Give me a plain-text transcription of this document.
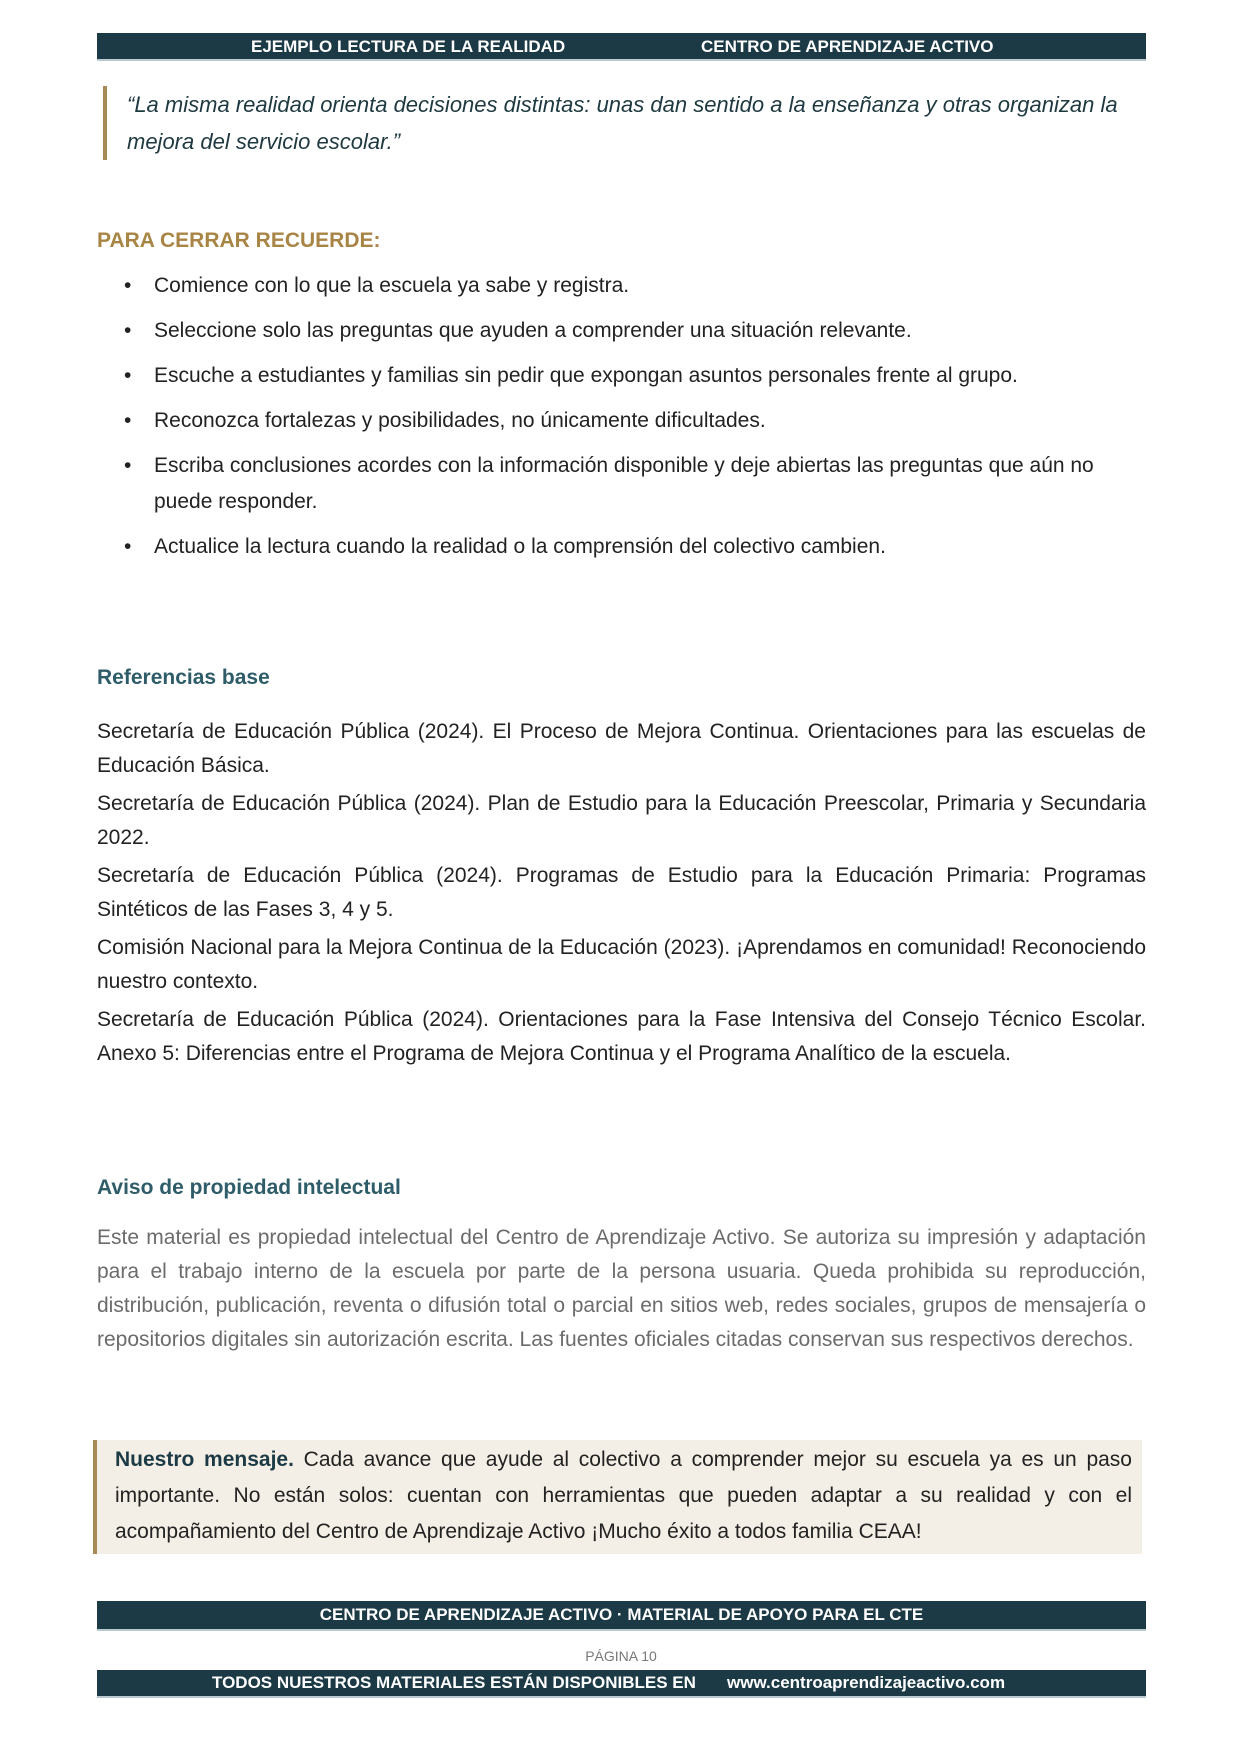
EJEMPLO LECTURA DE LA REALIDAD	CENTRO DE APRENDIZAJE ACTIVO
“La misma realidad orienta decisiones distintas: unas dan sentido a la enseñanza y otras organizan la mejora del servicio escolar.”
PARA CERRAR RECUERDE:
• Comience con lo que la escuela ya sabe y registra.
• Seleccione solo las preguntas que ayuden a comprender una situación relevante.
• Escuche a estudiantes y familias sin pedir que expongan asuntos personales frente al grupo.
• Reconozca fortalezas y posibilidades, no únicamente dificultades.
• Escriba conclusiones acordes con la información disponible y deje abiertas las preguntas que aún no puede responder.
• Actualice la lectura cuando la realidad o la comprensión del colectivo cambien.
Referencias base

Secretaría de Educación Pública (2024). El Proceso de Mejora Continua. Orientaciones para las escuelas de Educación Básica.

Secretaría de Educación Pública (2024). Plan de Estudio para la Educación Preescolar, Primaria y Secundaria 2022.

Secretaría de Educación Pública (2024). Programas de Estudio para la Educación Primaria: Programas Sintéticos de las Fases 3, 4 y 5.

Comisión Nacional para la Mejora Continua de la Educación (2023). ¡Aprendamos en comunidad! Reconociendo nuestro contexto.

Secretaría de Educación Pública (2024). Orientaciones para la Fase Intensiva del Consejo Técnico Escolar. Anexo 5: Diferencias entre el Programa de Mejora Continua y el Programa Analítico de la escuela.

Aviso de propiedad intelectual

Este material es propiedad intelectual del Centro de Aprendizaje Activo. Se autoriza su impresión y adaptación para el trabajo interno de la escuela por parte de la persona usuaria. Queda prohibida su reproducción, distribución, publicación, reventa o difusión total o parcial en sitios web, redes sociales, grupos de mensajería o repositorios digitales sin autorización escrita. Las fuentes oficiales citadas conservan sus respectivos derechos.

Nuestro mensaje. Cada avance que ayude al colectivo a comprender mejor su escuela ya es un paso importante. No están solos: cuentan con herramientas que pueden adaptar a su realidad y con el acompañamiento del Centro de Aprendizaje Activo ¡Mucho éxito a todos familia CEAA!

CENTRO DE APRENDIZAJE ACTIVO · MATERIAL DE APOYO PARA EL CTE
PÁGINA 10
TODOS NUESTROS MATERIALES ESTÁN DISPONIBLES EN www.centroaprendizajeactivo.com
